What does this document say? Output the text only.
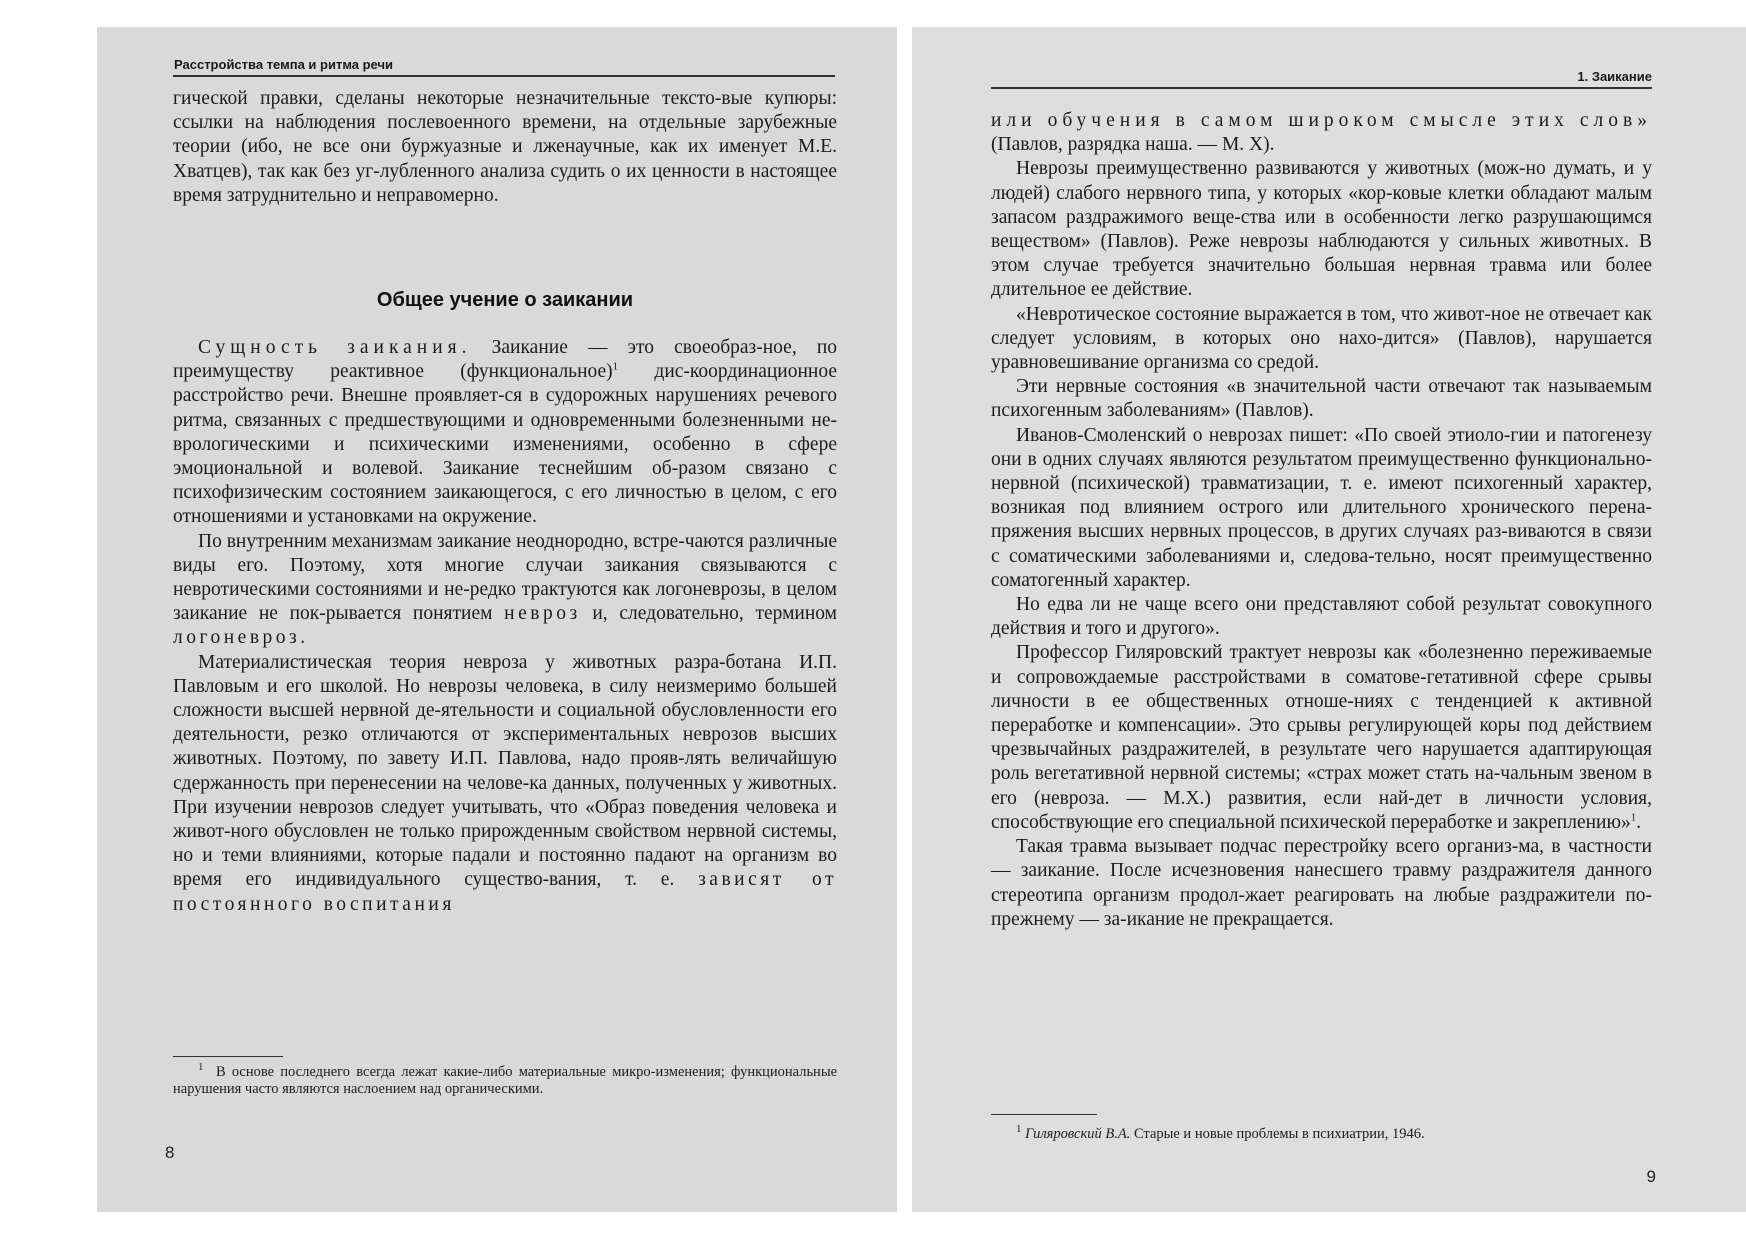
Расстройства темпа и ритма речи

гической правки, сделаны некоторые незначительные тексто-вые купюры: ссылки на наблюдения послевоенного времени, на отдельные зарубежные теории (ибо, не все они буржуазные и лженаучные, как их именует М.Е. Хватцев), так как без уг-лубленного анализа судить о их ценности в настоящее время затруднительно и неправомерно.

Общее учение о заикании

Сущность заикания. Заикание — это своеобраз-ное, по преимуществу реактивное (функциональное)$^1$ дис-координационное расстройство речи. Внешне проявляет-ся в судорожных нарушениях речевого ритма, связанных с предшествующими и одновременными болезненными не-врологическими и психическими изменениями, особенно в сфере эмоциональной и волевой. Заикание теснейшим об-разом связано с психофизическим состоянием заикающегося, с его личностью в целом, с его отношениями и установками на окружение.

По внутренним механизмам заикание неоднородно, встре-чаются различные виды его. Поэтому, хотя многие случаи заикания связываются с невротическими состояниями и не-редко трактуются как логоневрозы, в целом заикание не пок-рывается понятием невроз и, следовательно, термином логоневроз.

Материалистическая теория невроза у животных разра-ботана И.П. Павловым и его школой. Но неврозы человека, в силу неизмеримо большей сложности высшей нервной де-ятельности и социальной обусловленности его деятельности, резко отличаются от экспериментальных неврозов высших животных. Поэтому, по завету И.П. Павлова, надо прояв-лять величайшую сдержанность при перенесении на челове-ка данных, полученных у животных. При изучении неврозов следует учитывать, что «Образ поведения человека и живот-ного обусловлен не только прирожденным свойством нервной системы, но и теми влияниями, которые падали и постоянно падают на организм во время его индивидуального существо-вания, т. е. зависят от постоянного воспитания

$^1$ В основе последнего всегда лежат какие-либо материальные микро-изменения; функциональные нарушения часто являются наслоением над органическими.
8
1. Заикание

или обучения в самом широком смысле этих слов» (Павлов, разрядка наша. — М. Х).

Неврозы преимущественно развиваются у животных (мож-но думать, и у людей) слабого нервного типа, у которых «кор-ковые клетки обладают малым запасом раздражимого веще-ства или в особенности легко разрушающимся веществом» (Павлов). Реже неврозы наблюдаются у сильных животных. В этом случае требуется значительно большая нервная травма или более длительное ее действие.

«Невротическое состояние выражается в том, что живот-ное не отвечает как следует условиям, в которых оно нахо-дится» (Павлов), нарушается уравновешивание организма со средой.

Эти нервные состояния «в значительной части отвечают так называемым психогенным заболеваниям» (Павлов).

Иванов-Смоленский о неврозах пишет: «По своей этиоло-гии и патогенезу они в одних случаях являются результатом преимущественно функционально-нервной (психической) травматизации, т. е. имеют психогенный характер, возникая под влиянием острого или длительного хронического перена-пряжения высших нервных процессов, в других случаях раз-виваются в связи с соматическими заболеваниями и, следова-тельно, носят преимущественно соматогенный характер.

Но едва ли не чаще всего они представляют собой результат совокупного действия и того и другого».

Профессор Гиляровский трактует неврозы как «болезненно переживаемые и сопровождаемые расстройствами в соматове-гетативной сфере срывы личности в ее общественных отноше-ниях с тенденцией к активной переработке и компенсации». Это срывы регулирующей коры под действием чрезвычайных раздражителей, в результате чего нарушается адаптирующая роль вегетативной нервной системы; «страх может стать на-чальным звеном в его (невроза. — М.Х.) развития, если най-дет в личности условия, способствующие его специальной психической переработке и закреплению»$^1$.

Такая травма вызывает подчас перестройку всего организ-ма, в частности — заикание. После исчезновения нанесшего травму раздражителя данного стереотипа организм продол-жает реагировать на любые раздражители по-прежнему — за-икание не прекращается.

$^1$ Гиляровский В.А. Старые и новые проблемы в психиатрии, 1946.
9
